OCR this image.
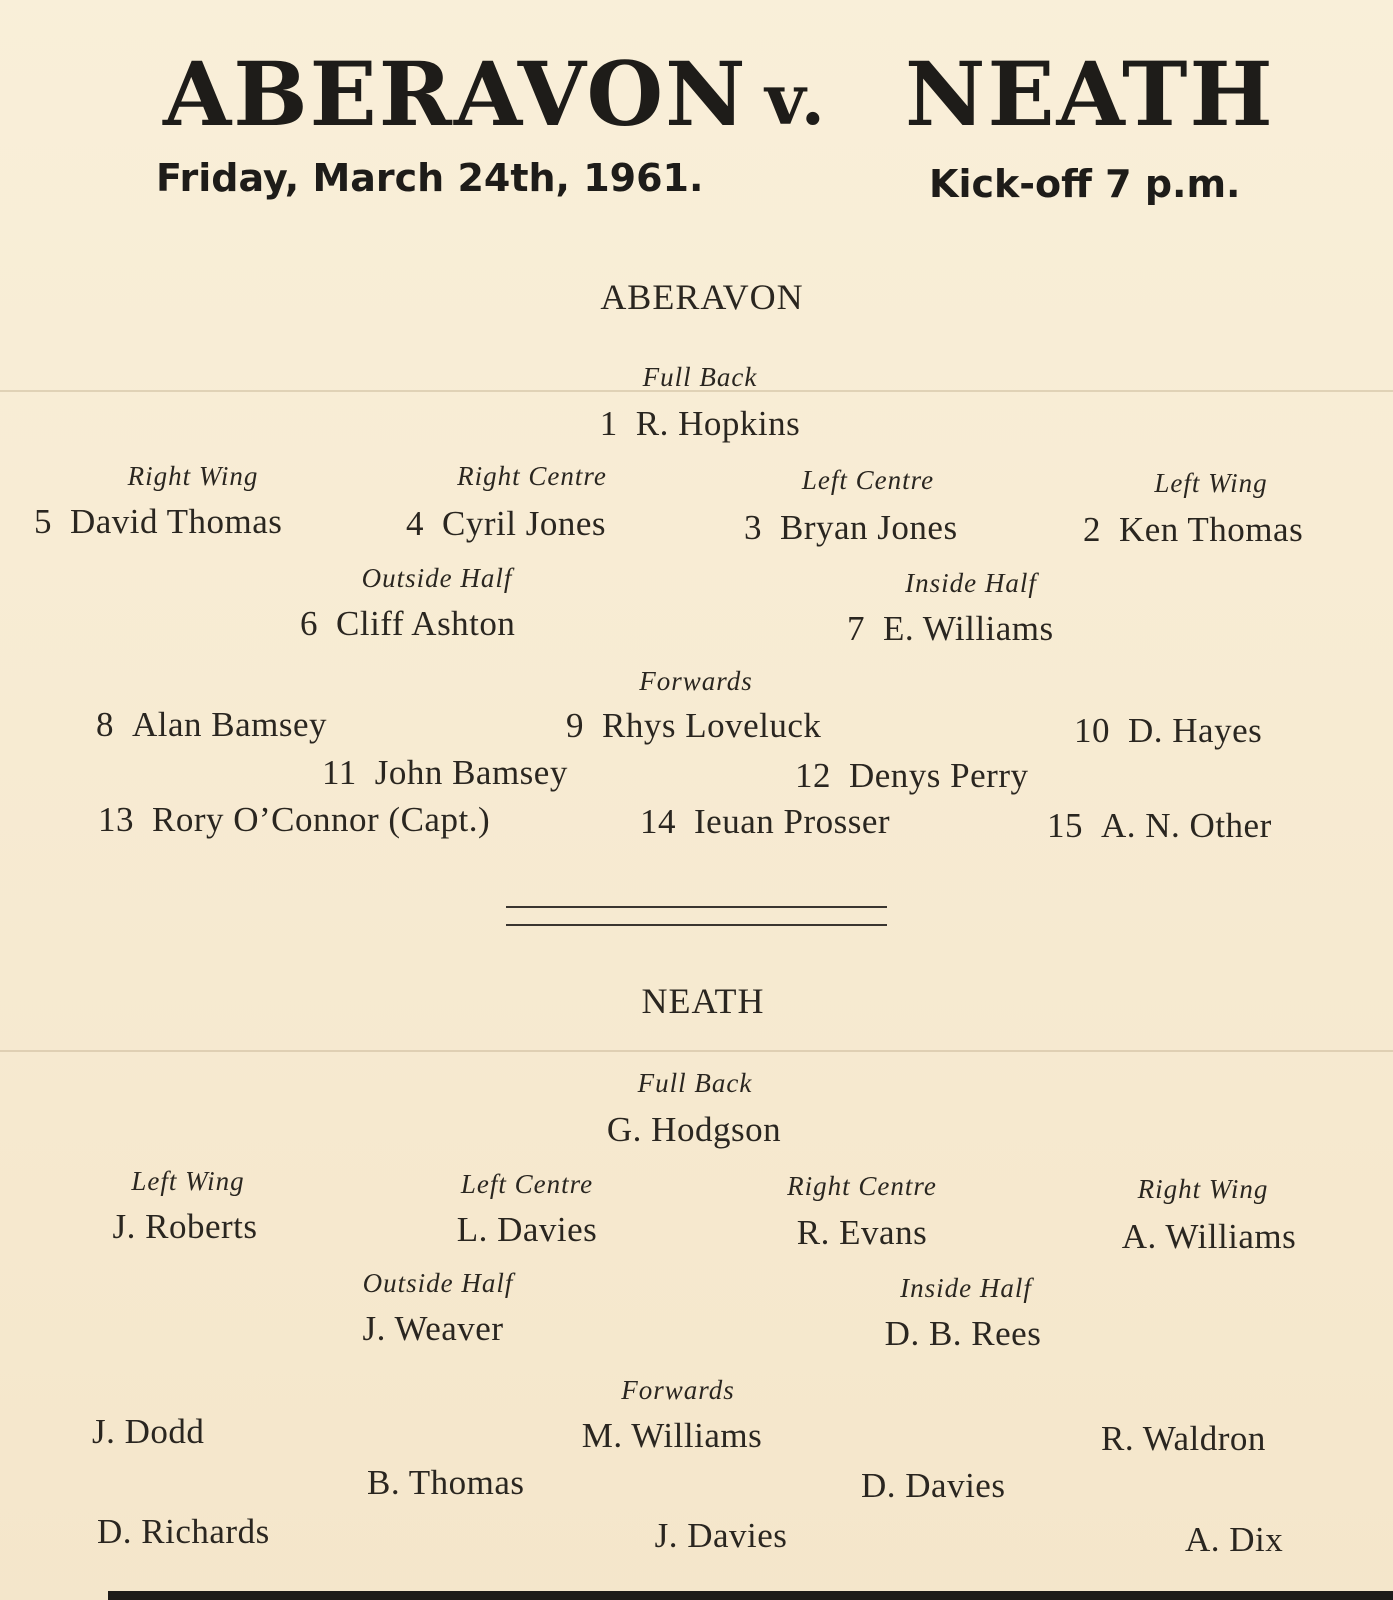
ABERAVON v. NEATH
Friday, March 24th, 1961.	Kick-off 7 p.m.
ABERAVON
Full Back
1 R. Hopkins
Right Wing	Right Centre	Left Centre	Left Wing
5 David Thomas	4 Cyril Jones	3 Bryan Jones	2 Ken Thomas
Outside Half	Inside Half
6 Cliff Ashton	7 E. Williams
Forwards
8 Alan Bamsey	9 Rhys Loveluck	10 D. Hayes
11 John Bamsey	12 Denys Perry
13 Rory O’Connor (Capt.)	14 Ieuan Prosser	15 A. N. Other
NEATH
Full Back
G. Hodgson
Left Wing	Left Centre	Right Centre	Right Wing
J. Roberts	L. Davies	R. Evans	A. Williams
Outside Half	Inside Half
J. Weaver	D. B. Rees
Forwards
J. Dodd	M. Williams	R. Waldron
B. Thomas	D. Davies
D. Richards	J. Davies	A. Dix
